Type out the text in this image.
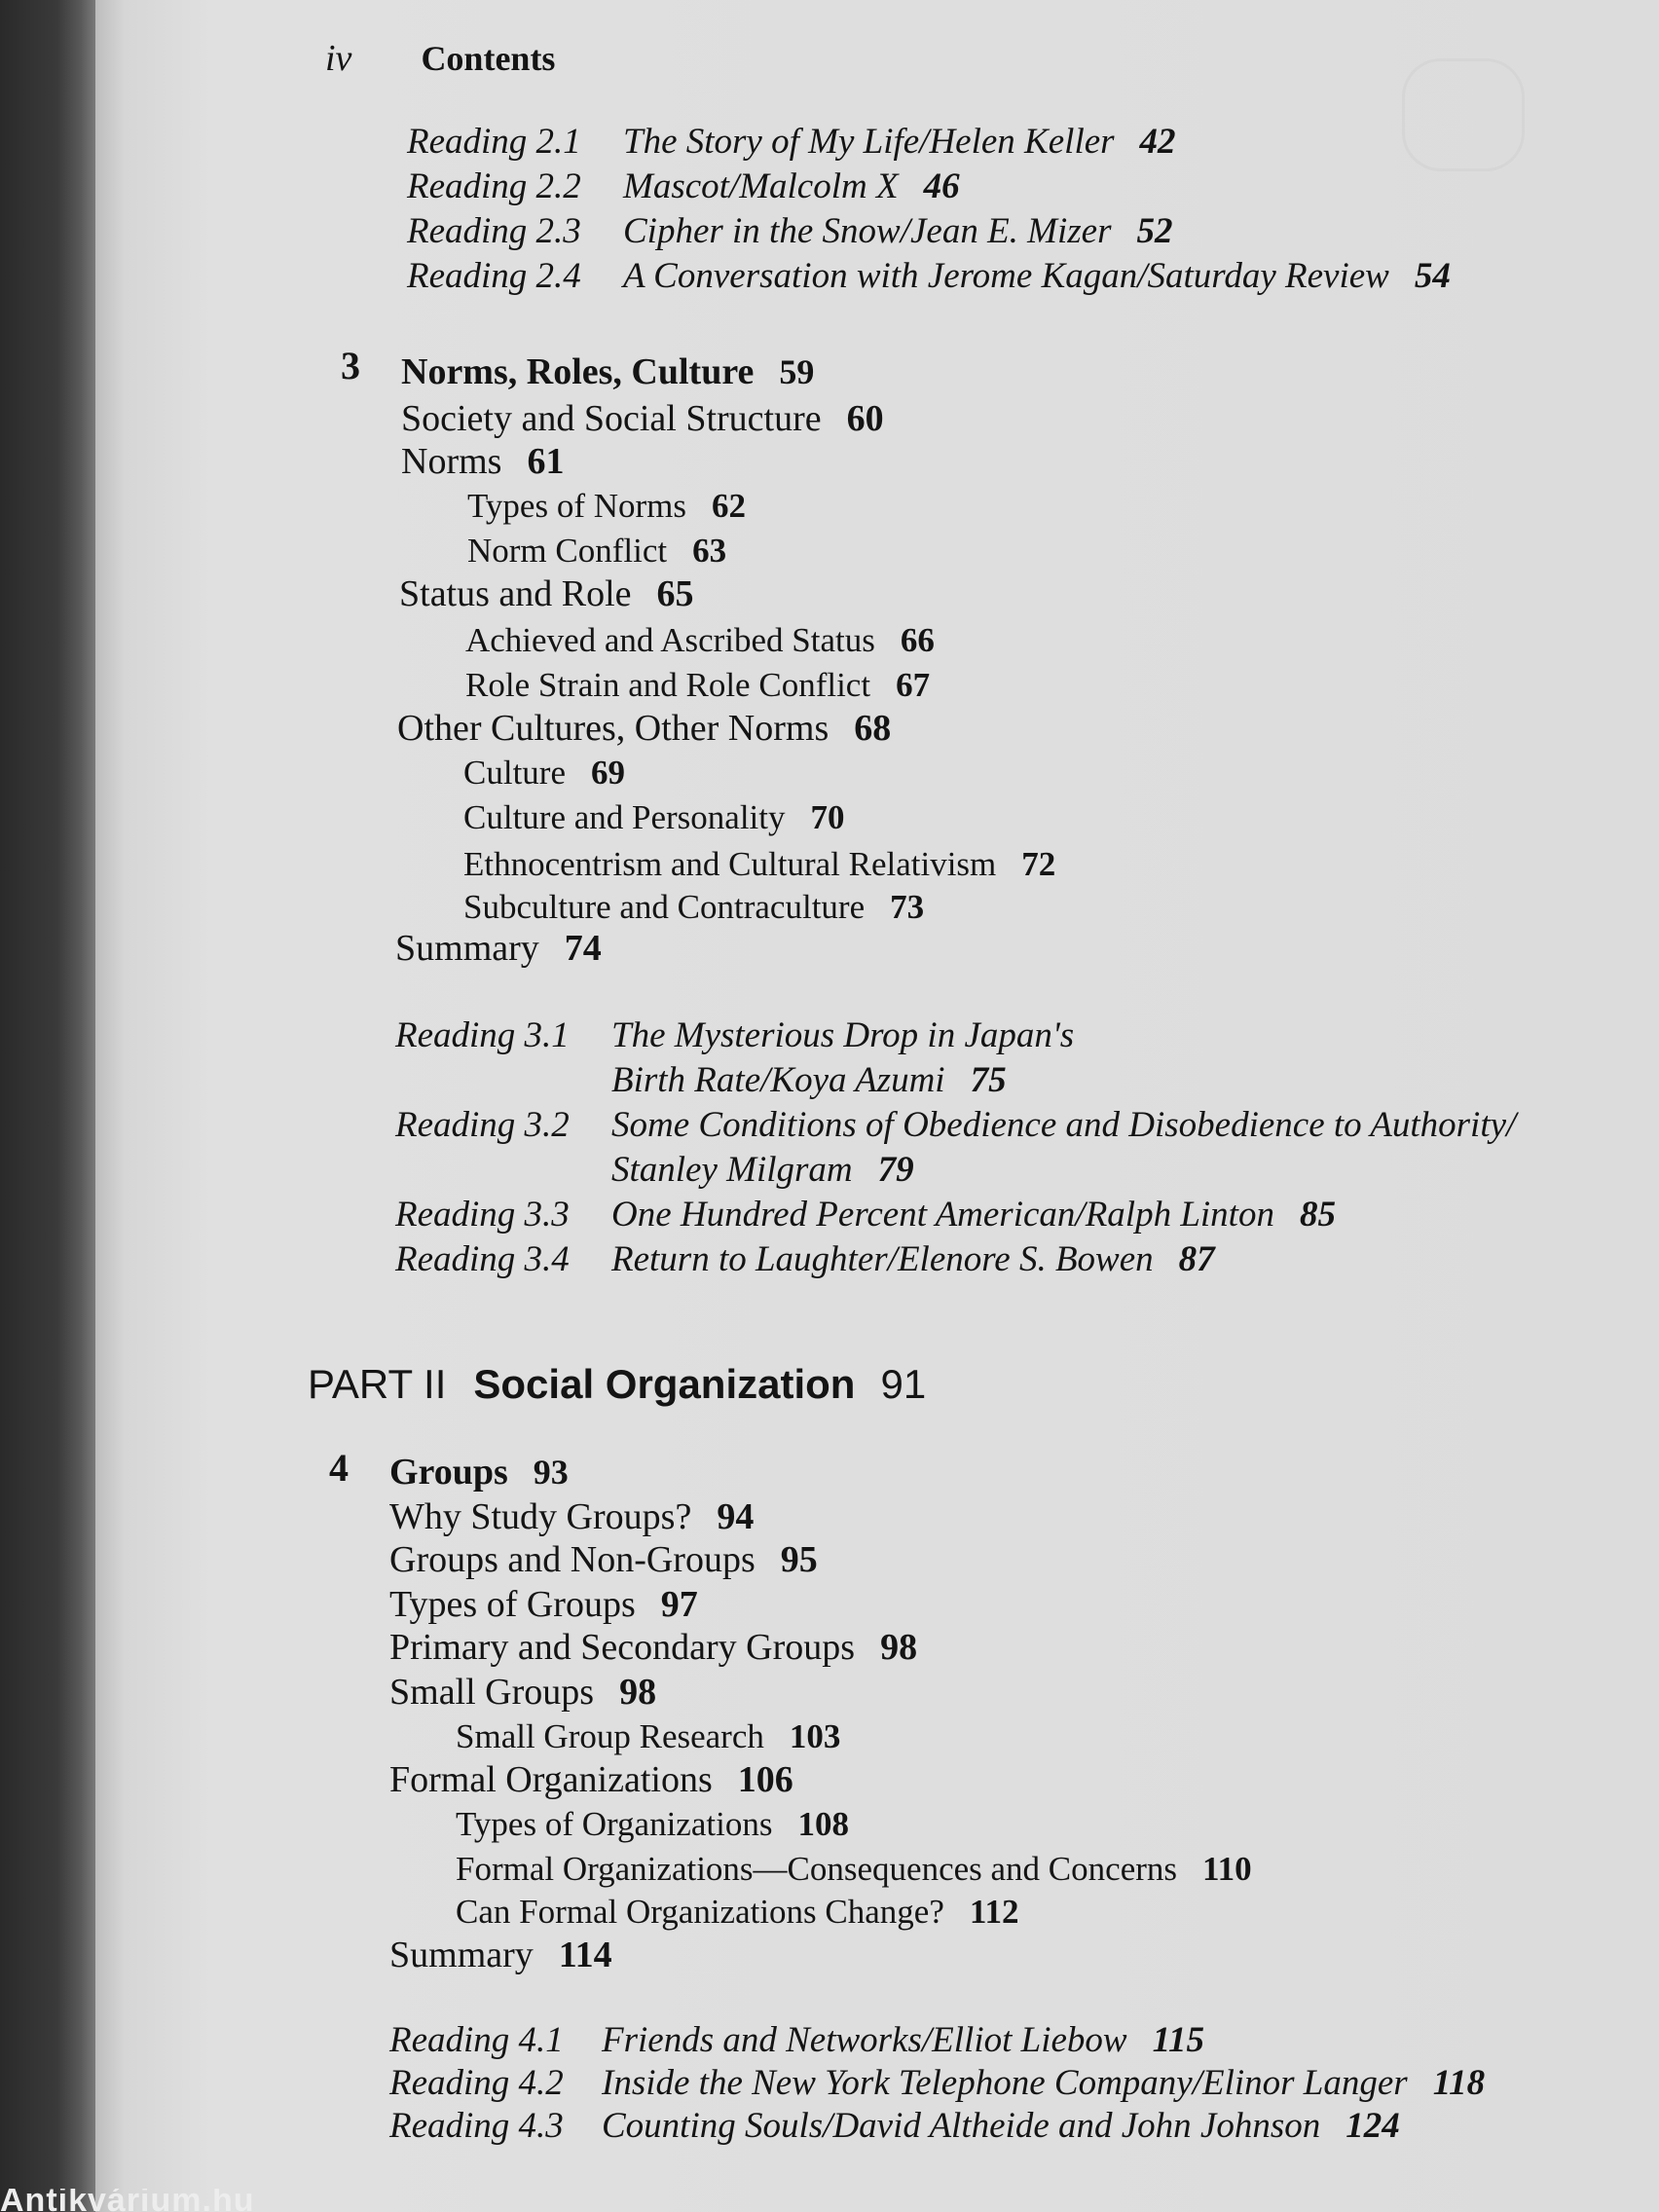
iv Contents
Reading 2.1 The Story of My Life/Helen Keller 42
Reading 2.2 Mascot/Malcolm X 46
Reading 2.3 Cipher in the Snow/Jean E. Mizer 52
Reading 2.4 A Conversation with Jerome Kagan/Saturday Review 54
3 Norms, Roles, Culture 59
Society and Social Structure 60
Norms 61
Types of Norms 62
Norm Conflict 63
Status and Role 65
Achieved and Ascribed Status 66
Role Strain and Role Conflict 67
Other Cultures, Other Norms 68
Culture 69
Culture and Personality 70
Ethnocentrism and Cultural Relativism 72
Subculture and Contraculture 73
Summary 74
Reading 3.1 The Mysterious Drop in Japan's
Birth Rate/Koya Azumi 75
Reading 3.2 Some Conditions of Obedience and Disobedience to Authority/
Stanley Milgram 79
Reading 3.3 One Hundred Percent American/Ralph Linton 85
Reading 3.4 Return to Laughter/Elenore S. Bowen 87
PART II Social Organization 91
4 Groups 93
Why Study Groups? 94
Groups and Non-Groups 95
Types of Groups 97
Primary and Secondary Groups 98
Small Groups 98
Small Group Research 103
Formal Organizations 106
Types of Organizations 108
Formal Organizations—Consequences and Concerns 110
Can Formal Organizations Change? 112
Summary 114
Reading 4.1 Friends and Networks/Elliot Liebow 115
Reading 4.2 Inside the New York Telephone Company/Elinor Langer 118
Reading 4.3 Counting Souls/David Altheide and John Johnson 124
Antikvárium.hu
